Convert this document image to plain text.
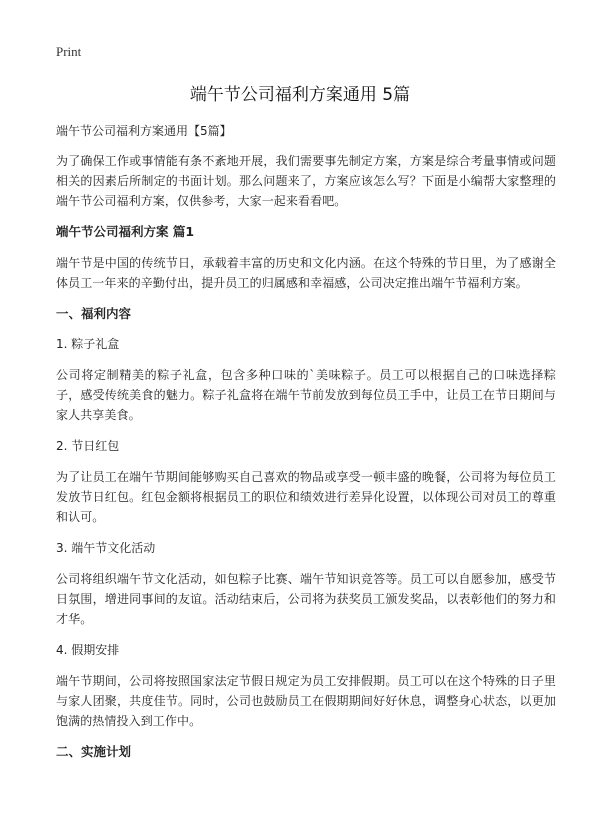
Print
端午节公司福利方案通用 5篇
端午节公司福利方案通用【5篇】

为了确保工作或事情能有条不紊地开展，我们需要事先制定方案，方案是综合考量事情或问题相关的因素后所制定的书面计划。那么问题来了，方案应该怎么写？下面是小编帮大家整理的端午节公司福利方案，仅供参考，大家一起来看看吧。

端午节公司福利方案 篇1

端午节是中国的传统节日，承载着丰富的历史和文化内涵。在这个特殊的节日里，为了感谢全体员工一年来的辛勤付出，提升员工的归属感和幸福感，公司决定推出端午节福利方案。

一、福利内容
1. 粽子礼盒

公司将定制精美的粽子礼盒，包含多种口味的`美味粽子。员工可以根据自己的口味选择粽子，感受传统美食的魅力。粽子礼盒将在端午节前发放到每位员工手中，让员工在节日期间与家人共享美食。

2. 节日红包

为了让员工在端午节期间能够购买自己喜欢的物品或享受一顿丰盛的晚餐，公司将为每位员工发放节日红包。红包金额将根据员工的职位和绩效进行差异化设置，以体现公司对员工的尊重和认可。

3. 端午节文化活动

公司将组织端午节文化活动，如包粽子比赛、端午节知识竞答等。员工可以自愿参加，感受节日氛围，增进同事间的友谊。活动结束后，公司将为获奖员工颁发奖品，以表彰他们的努力和才华。

4. 假期安排

端午节期间，公司将按照国家法定节假日规定为员工安排假期。员工可以在这个特殊的日子里与家人团聚，共度佳节。同时，公司也鼓励员工在假期期间好好休息，调整身心状态，以更加饱满的热情投入到工作中。

二、实施计划
